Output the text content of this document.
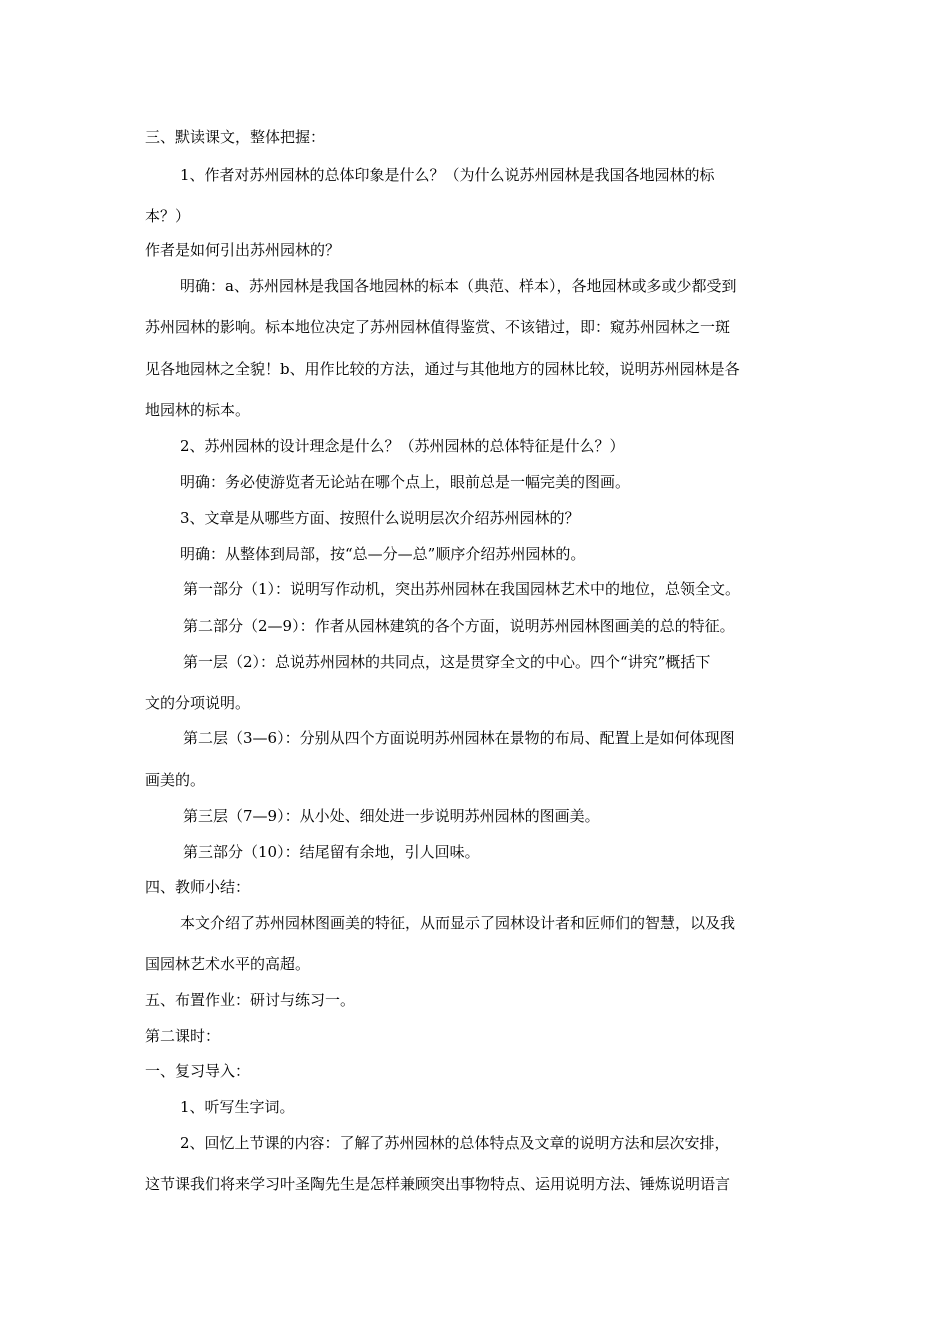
三、默读课文，整体把握：
1、作者对苏州园林的总体印象是什么？（为什么说苏州园林是我国各地园林的标
本？）
作者是如何引出苏州园林的？
明确：a、苏州园林是我国各地园林的标本（典范、样本），各地园林或多或少都受到
苏州园林的影响。标本地位决定了苏州园林值得鉴赏、不该错过，即：窥苏州园林之一斑
见各地园林之全貌！b、用作比较的方法，通过与其他地方的园林比较，说明苏州园林是各
地园林的标本。
2、苏州园林的设计理念是什么？（苏州园林的总体特征是什么？）
明确：务必使游览者无论站在哪个点上，眼前总是一幅完美的图画。
3、文章是从哪些方面、按照什么说明层次介绍苏州园林的？
明确：从整体到局部，按“总—分—总”顺序介绍苏州园林的。
第一部分（1）：说明写作动机，突出苏州园林在我国园林艺术中的地位，总领全文。
第二部分（2—9）：作者从园林建筑的各个方面，说明苏州园林图画美的总的特征。
第一层（2）：总说苏州园林的共同点，这是贯穿全文的中心。四个“讲究”概括下
文的分项说明。
第二层（3—6）：分别从四个方面说明苏州园林在景物的布局、配置上是如何体现图
画美的。
第三层（7—9）：从小处、细处进一步说明苏州园林的图画美。
第三部分（10）：结尾留有余地，引人回味。
四、教师小结：
本文介绍了苏州园林图画美的特征，从而显示了园林设计者和匠师们的智慧，以及我
国园林艺术水平的高超。
五、布置作业：研讨与练习一。
第二课时：
一、复习导入：
1、听写生字词。
2、回忆上节课的内容：了解了苏州园林的总体特点及文章的说明方法和层次安排，
这节课我们将来学习叶圣陶先生是怎样兼顾突出事物特点、运用说明方法、锤炼说明语言
